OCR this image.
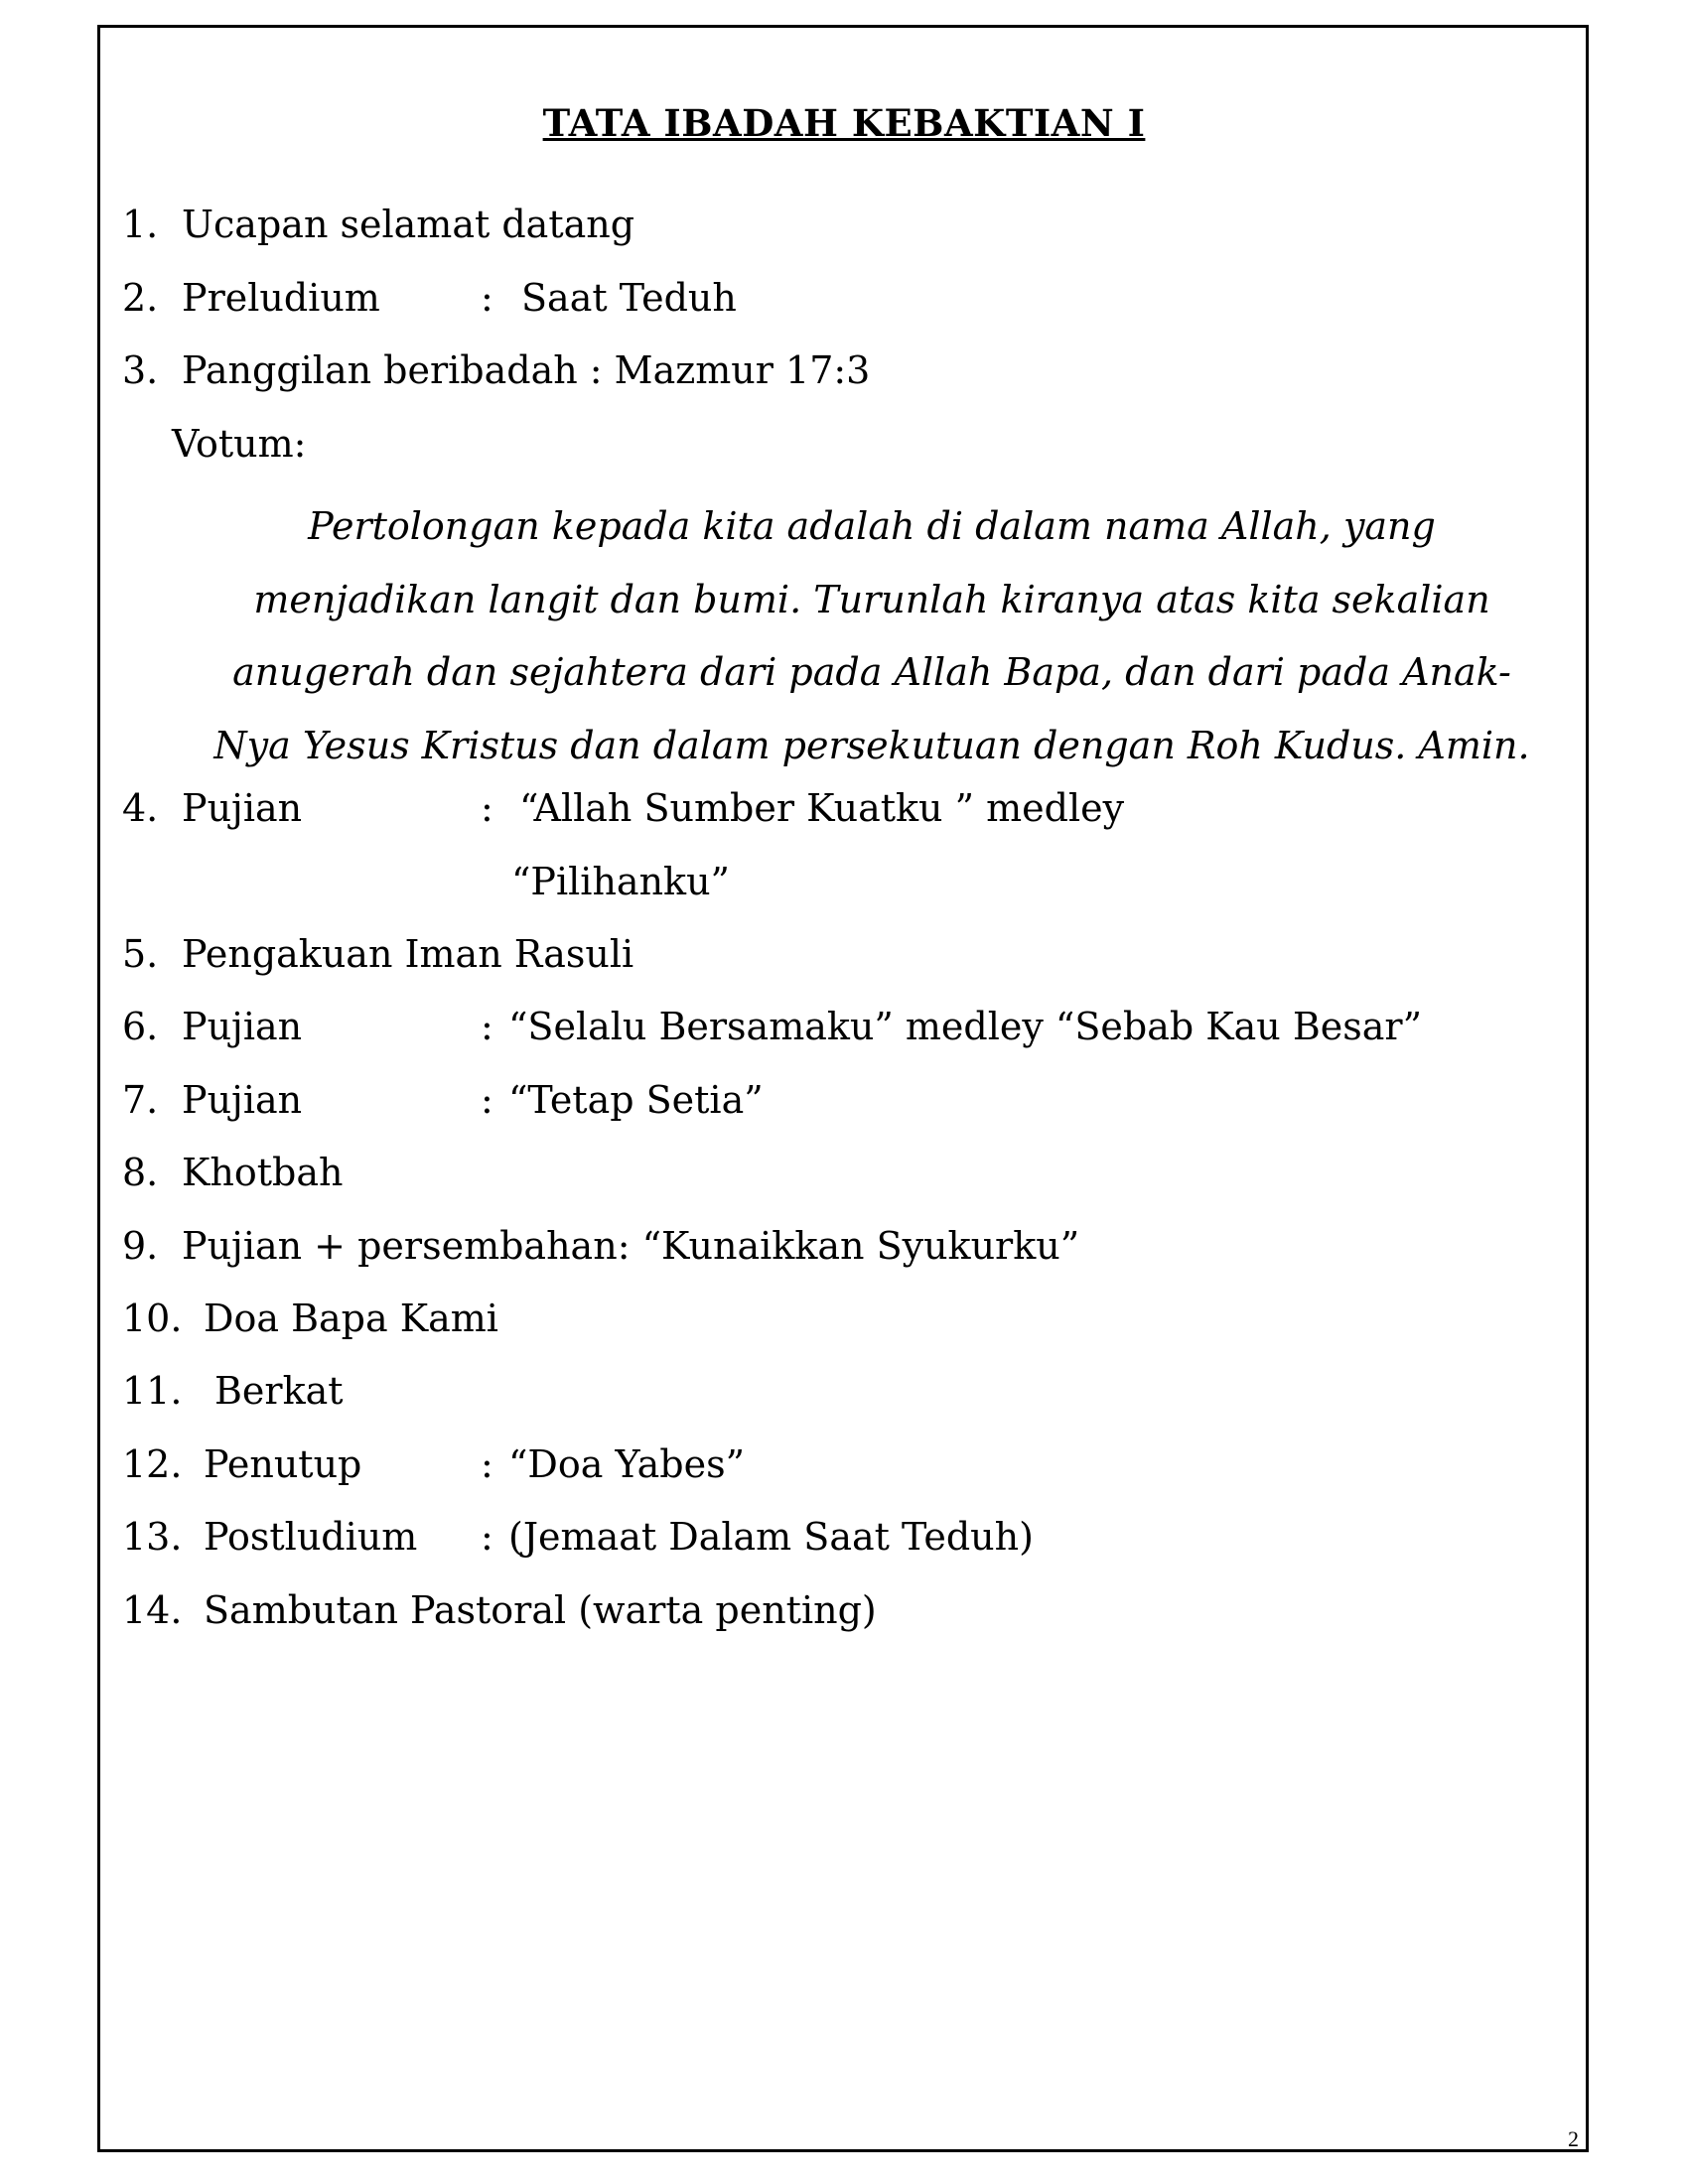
TATA IBADAH KEBAKTIAN I
1. Ucapan selamat datang
2. Preludium	: Saat Teduh
3. Panggilan beribadah : Mazmur 17:3
Votum:
Pertolongan kepada kita adalah di dalam nama Allah, yang
menjadikan langit dan bumi. Turunlah kiranya atas kita sekalian
anugerah dan sejahtera dari pada Allah Bapa, dan dari pada Anak-
Nya Yesus Kristus dan dalam persekutuan dengan Roh Kudus. Amin.
4. Pujian	: “Allah Sumber Kuatku ” medley
“Pilihanku”
5. Pengakuan Iman Rasuli
6. Pujian	: “Selalu Bersamaku” medley “Sebab Kau Besar”
7. Pujian	: “Tetap Setia”
8. Khotbah
9. Pujian + persembahan: “Kunaikkan Syukurku”
10. Doa Bapa Kami
11. Berkat
12. Penutup	: “Doa Yabes”
13. Postludium : (Jemaat Dalam Saat Teduh)
14. Sambutan Pastoral (warta penting)
2
